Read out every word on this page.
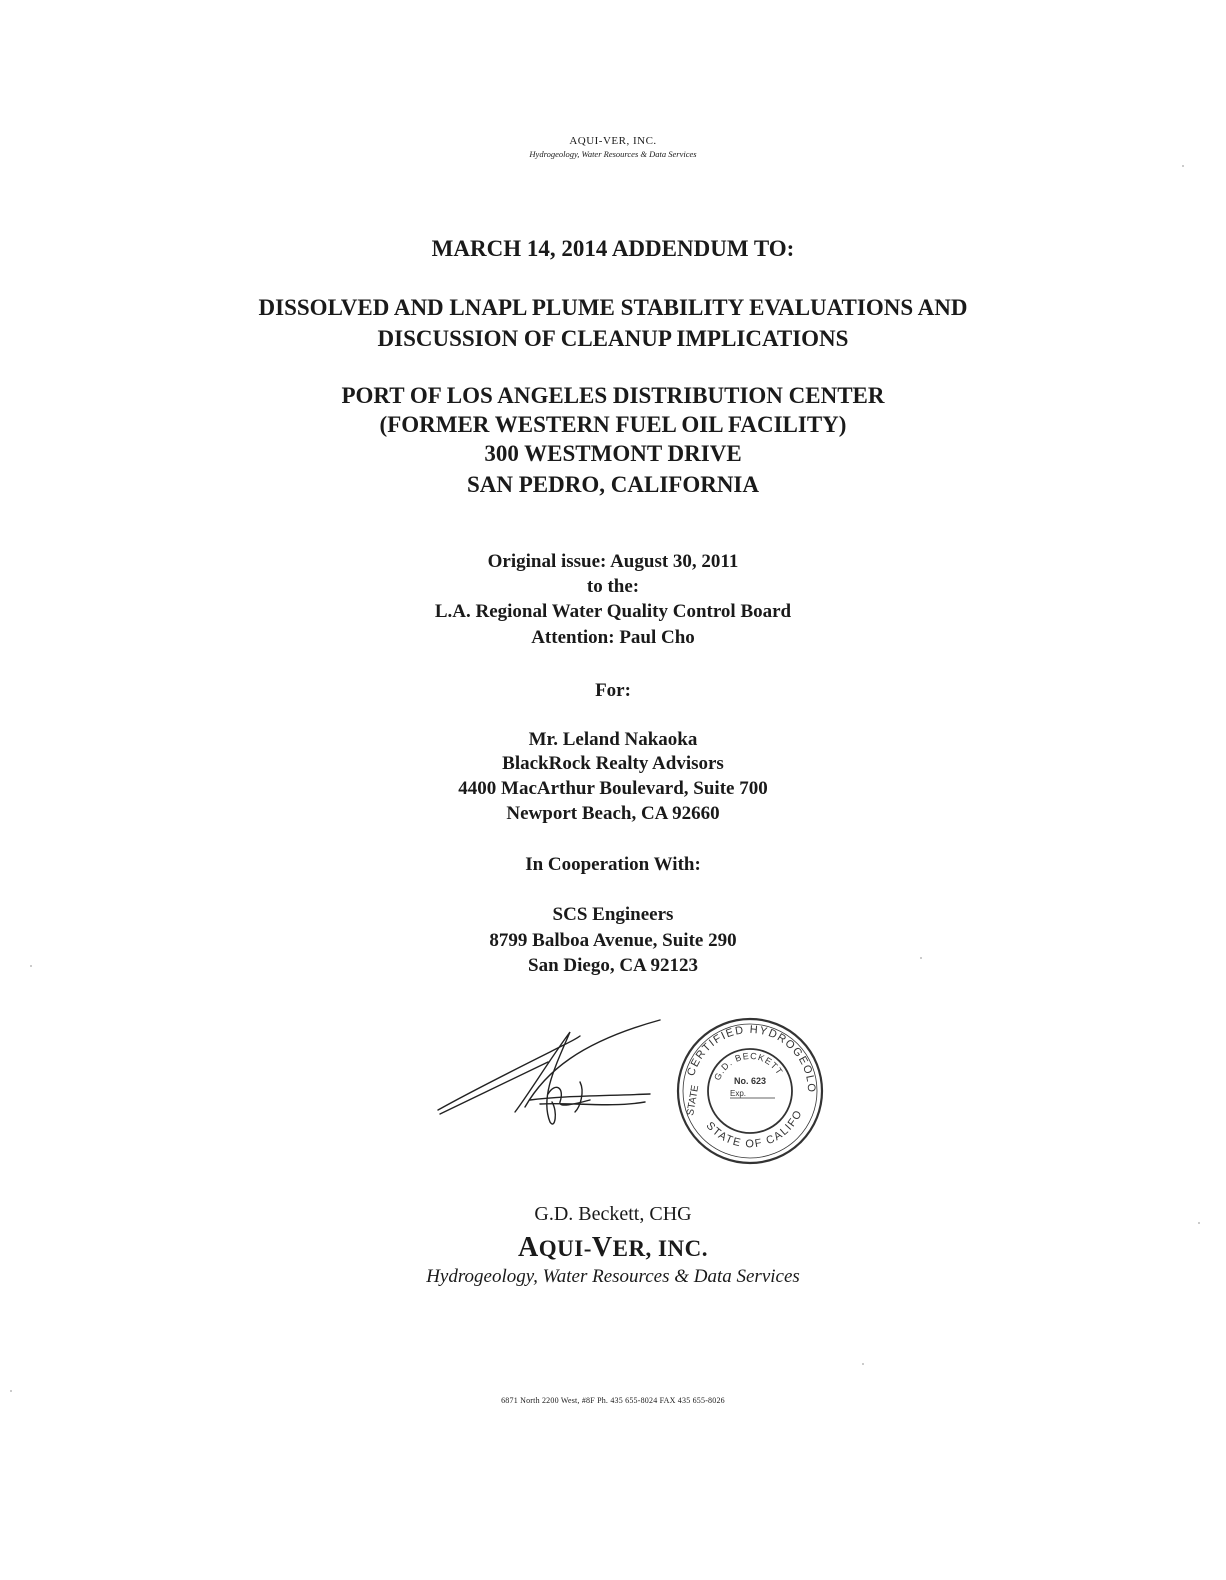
AQUI-VER, INC.
Hydrogeology, Water Resources & Data Services
MARCH 14, 2014 ADDENDUM TO:
DISSOLVED AND LNAPL PLUME STABILITY EVALUATIONS AND
DISCUSSION OF CLEANUP IMPLICATIONS
PORT OF LOS ANGELES DISTRIBUTION CENTER
(FORMER WESTERN FUEL OIL FACILITY)
300 WESTMONT DRIVE
SAN PEDRO, CALIFORNIA
Original issue: August 30, 2011
to the:
L.A. Regional Water Quality Control Board
Attention: Paul Cho
For:
Mr. Leland Nakaoka
BlackRock Realty Advisors
4400 MacArthur Boulevard, Suite 700
Newport Beach, CA 92660
In Cooperation With:
SCS Engineers
8799 Balboa Avenue, Suite 290
San Diego, CA 92123
CERTIFIED HYDROGEOLO
STATE OF CALIFO
STATE
G.D. BECKETT
No. 623
Exp.
G.D. Beckett, CHG
AQUI-VER, INC.
Hydrogeology, Water Resources & Data Services
6871 North 2200 West, #8F Ph. 435 655-8024 FAX 435 655-8026
